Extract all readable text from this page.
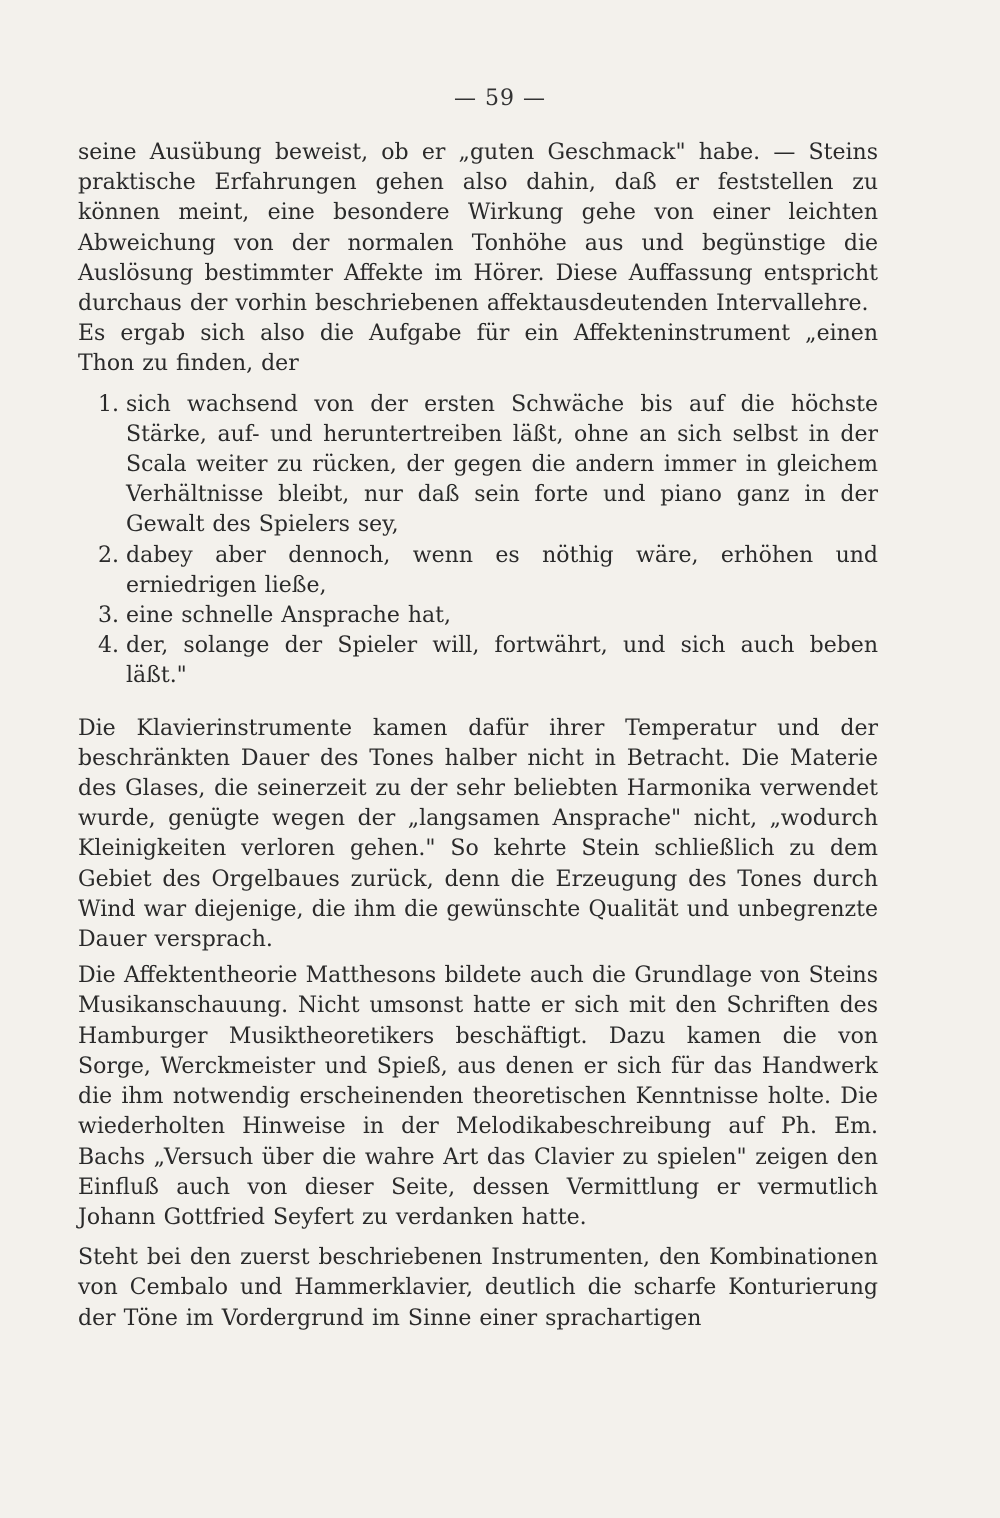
— 59 —

seine Ausübung beweist, ob er „guten Geschmack" habe. — Steins praktische Erfahrungen gehen also dahin, daß er feststellen zu können meint, eine besondere Wirkung gehe von einer leichten Abweichung von der normalen Tonhöhe aus und begünstige die Auslösung bestimmter Affekte im Hörer. Diese Auffassung entspricht durchaus der vorhin beschriebenen affektausdeutenden Intervallehre.

Es ergab sich also die Aufgabe für ein Affekteninstrument „einen Thon zu finden, der

1. sich wachsend von der ersten Schwäche bis auf die höchste Stärke, auf- und heruntertreiben läßt, ohne an sich selbst in der Scala weiter zu rücken, der gegen die andern immer in gleichem Verhältnisse bleibt, nur daß sein forte und piano ganz in der Gewalt des Spielers sey,
2. dabey aber dennoch, wenn es nöthig wäre, erhöhen und erniedrigen ließe,
3. eine schnelle Ansprache hat,
4. der, solange der Spieler will, fortwährt, und sich auch beben läßt."

Die Klavierinstrumente kamen dafür ihrer Temperatur und der beschränkten Dauer des Tones halber nicht in Betracht. Die Materie des Glases, die seinerzeit zu der sehr beliebten Harmonika verwendet wurde, genügte wegen der „langsamen Ansprache" nicht, „wodurch Kleinigkeiten verloren gehen." So kehrte Stein schließlich zu dem Gebiet des Orgelbaues zurück, denn die Erzeugung des Tones durch Wind war diejenige, die ihm die gewünschte Qualität und unbegrenzte Dauer versprach.

Die Affektentheorie Matthesons bildete auch die Grundlage von Steins Musikanschauung. Nicht umsonst hatte er sich mit den Schriften des Hamburger Musiktheoretikers beschäftigt. Dazu kamen die von Sorge, Werckmeister und Spieß, aus denen er sich für das Handwerk die ihm notwendig erscheinenden theoretischen Kenntnisse holte. Die wiederholten Hinweise in der Melodikabeschreibung auf Ph. Em. Bachs „Versuch über die wahre Art das Clavier zu spielen" zeigen den Einfluß auch von dieser Seite, dessen Vermittlung er vermutlich Johann Gottfried Seyfert zu verdanken hatte.

Steht bei den zuerst beschriebenen Instrumenten, den Kombinationen von Cembalo und Hammerklavier, deutlich die scharfe Konturierung der Töne im Vordergrund im Sinne einer sprachartigen
